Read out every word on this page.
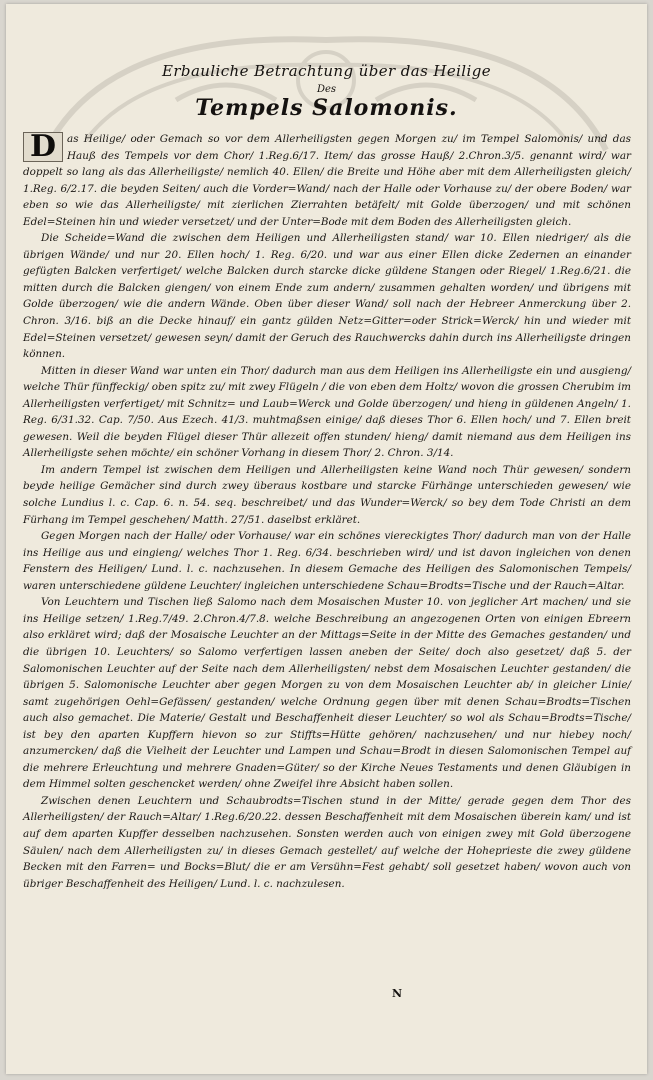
Erbauliche Betrachtung über das Heilige
Des
Tempels Salomonis.

D	as Heilige/ oder Gemach so vor dem Allerheiligsten gegen Morgen zu/ im Tempel Salomonis/ und das Hauß des Tempels vor dem Chor/ 1.Reg.6/17. Item/ das grosse Hauß/ 2.Chron.3/5. genannt wird/ war doppelt so lang als das Allerheiligste/ nemlich 40. Ellen/ die Breite und Höhe aber mit dem Allerheiligsten gleich/ 1.Reg. 6/2.17. die beyden Seiten/ auch die Vorder=Wand/ nach der Halle oder Vorhause zu/ der obere Boden/ war eben so wie das Allerheiligste/ mit zierlichen Zierrahten betäfelt/ mit Golde überzogen/ und mit schönen Edel=Steinen hin und wieder versetzet/ und der Unter=Bode mit dem Boden des Allerheiligsten gleich.

Die Scheide=Wand die zwischen dem Heiligen und Allerheiligsten stand/ war 10. Ellen niedriger/ als die übrigen Wände/ und nur 20. Ellen hoch/ 1. Reg. 6/20. und war aus einer Ellen dicke Zedernen an einander gefügten Balcken verfertiget/ welche Balcken durch starcke dicke güldene Stangen oder Riegel/ 1.Reg.6/21. die mitten durch die Balcken giengen/ von einem Ende zum andern/ zusammen gehalten worden/ und übrigens mit Golde überzogen/ wie die andern Wände. Oben über dieser Wand/ soll nach der Hebreer Anmerckung über 2. Chron. 3/16. biß an die Decke hinauf/ ein gantz gülden Netz=Gitter=oder Strick=Werck/ hin und wieder mit Edel=Steinen versetzet/ gewesen seyn/ damit der Geruch des Rauchwercks dahin durch ins Allerheiligste dringen können.

Mitten in dieser Wand war unten ein Thor/ dadurch man aus dem Heiligen ins Allerheiligste ein und ausgieng/ welche Thür fünffeckig/ oben spitz zu/ mit zwey Flügeln / die von eben dem Holtz/ wovon die grossen Cherubim im Allerheiligsten verfertiget/ mit Schnitz= und Laub=Werck und Golde überzogen/ und hieng in güldenen Angeln/ 1. Reg. 6/31.32. Cap. 7/50. Aus Ezech. 41/3. muhtmaßsen einige/ daß dieses Thor 6. Ellen hoch/ und 7. Ellen breit gewesen. Weil die beyden Flügel dieser Thür allezeit offen stunden/ hieng/ damit niemand aus dem Heiligen ins Allerheiligste sehen möchte/ ein schöner Vorhang in diesem Thor/ 2. Chron. 3/14.

Im andern Tempel ist zwischen dem Heiligen und Allerheiligsten keine Wand noch Thür gewesen/ sondern beyde heilige Gemächer sind durch zwey überaus kostbare und starcke Fürhänge unterschieden gewesen/ wie solche Lundius l. c. Cap. 6. n. 54. seq. beschreibet/ und das Wunder=Werck/ so bey dem Tode Christi an dem Fürhang im Tempel geschehen/ Matth. 27/51. daselbst erkläret.

Gegen Morgen nach der Halle/ oder Vorhause/ war ein schönes viereckigtes Thor/ dadurch man von der Halle ins Heilige aus und eingieng/ welches Thor 1. Reg. 6/34. beschrieben wird/ und ist davon ingleichen von denen Fenstern des Heiligen/ Lund. l. c. nachzusehen. In diesem Gemache des Heiligen des Salomonischen Tempels/ waren unterschiedene güldene Leuchter/ ingleichen unterschiedene Schau=Brodts=Tische und der Rauch=Altar.

Von Leuchtern und Tischen ließ Salomo nach dem Mosaischen Muster 10. von jeglicher Art machen/ und sie ins Heilige setzen/ 1.Reg.7/49. 2.Chron.4/7.8. welche Beschreibung an angezogenen Orten von einigen Ebreern also erkläret wird; daß der Mosaische Leuchter an der Mittags=Seite in der Mitte des Gemaches gestanden/ und die übrigen 10. Leuchters/ so Salomo verfertigen lassen aneben der Seite/ doch also gesetzet/ daß 5. der Salomonischen Leuchter auf der Seite nach dem Allerheiligsten/ nebst dem Mosaischen Leuchter gestanden/ die übrigen 5. Salomonische Leuchter aber gegen Morgen zu von dem Mosaischen Leuchter ab/ in gleicher Linie/ samt zugehörigen Oehl=Gefässen/ gestanden/ welche Ordnung gegen über mit denen Schau=Brodts=Tischen auch also gemachet. Die Materie/ Gestalt und Beschaffenheit dieser Leuchter/ so wol als Schau=Brodts=Tische/ ist bey den aparten Kupffern hievon so zur Stiffts=Hütte gehören/ nachzusehen/ und nur hiebey noch/ anzumercken/ daß die Vielheit der Leuchter und Lampen und Schau=Brodt in diesen Salomonischen Tempel auf die mehrere Erleuchtung und mehrere Gnaden=Güter/ so der Kirche Neues Testaments und denen Gläubigen in dem Himmel solten geschencket werden/ ohne Zweifel ihre Absicht haben sollen.

Zwischen denen Leuchtern und Schaubrodts=Tischen stund in der Mitte/ gerade gegen dem Thor des Allerheiligsten/ der Rauch=Altar/ 1.Reg.6/20.22. dessen Beschaffenheit mit dem Mosaischen überein kam/ und ist auf dem aparten Kupffer desselben nachzusehen. Sonsten werden auch von einigen zwey mit Gold überzogene Säulen/ nach dem Allerheiligsten zu/ in dieses Gemach gestellet/ auf welche der Hoheprieste die zwey güldene Becken mit den Farren= und Bocks=Blut/ die er am Versühn=Fest gehabt/ soll gesetzet haben/ wovon auch von übriger Beschaffenheit des Heiligen/ Lund. l. c. nachzulesen.

N
